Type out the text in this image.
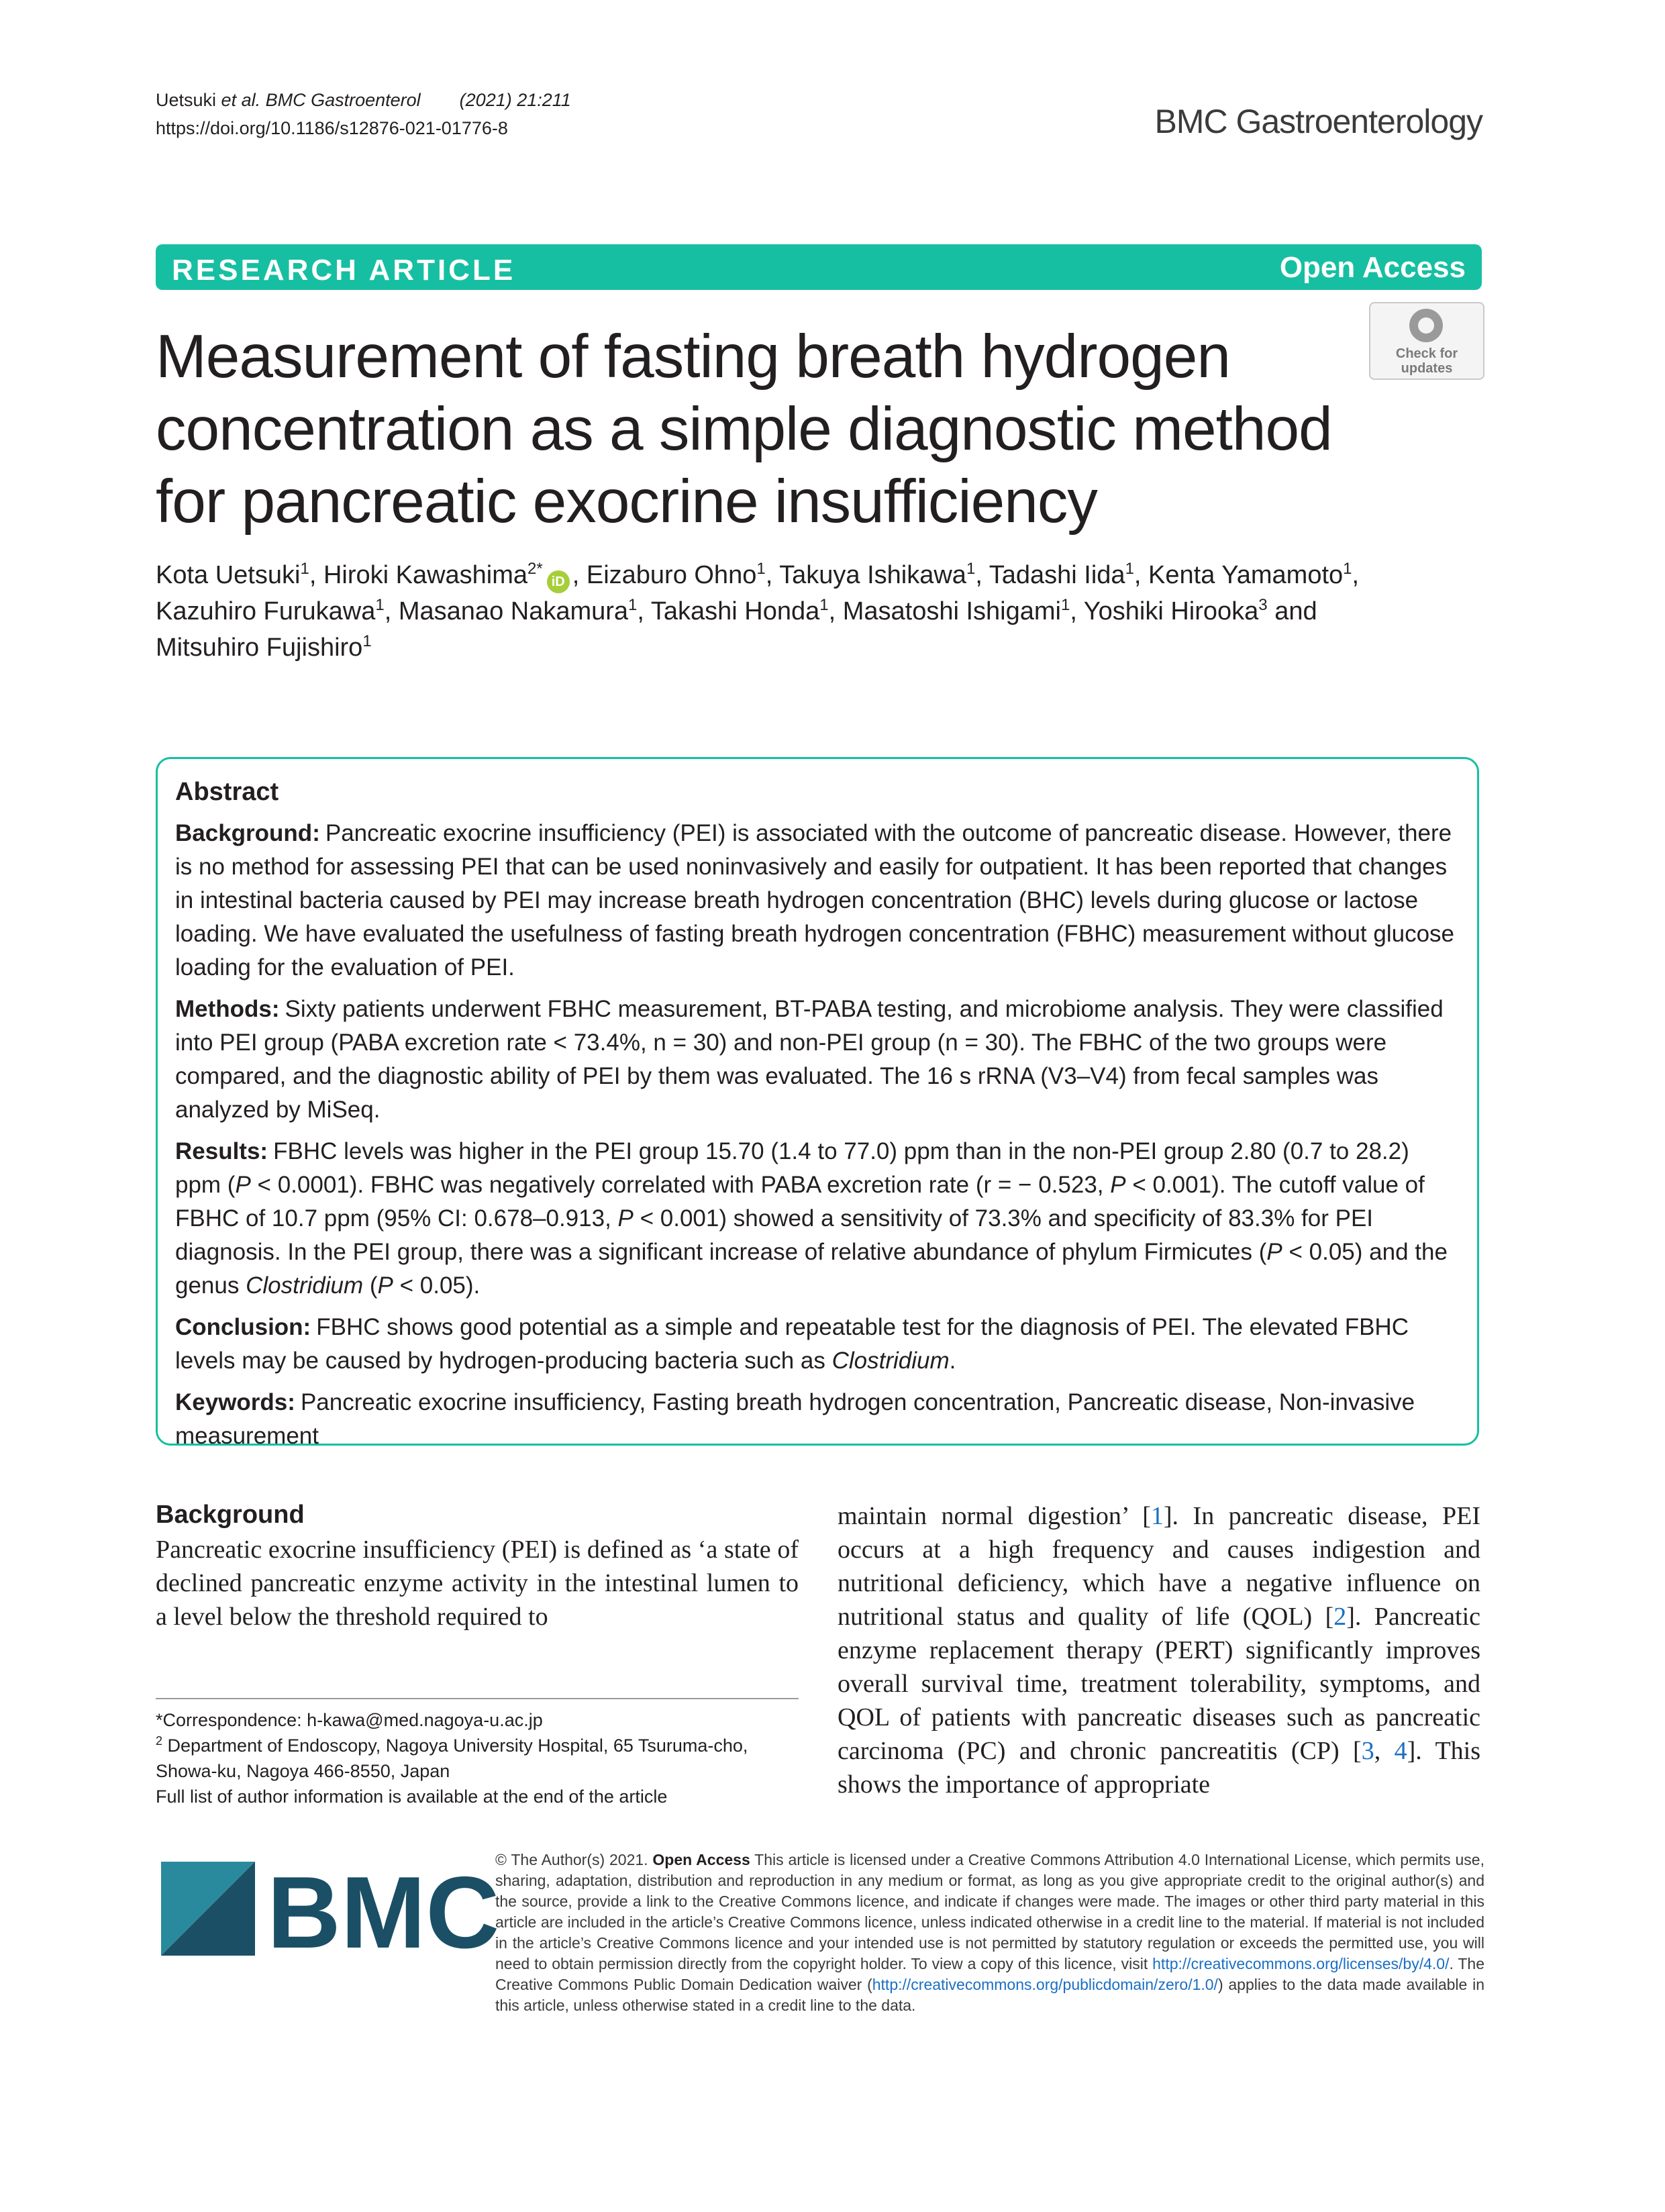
Uetsuki et al. BMC Gastroenterol (2021) 21:211
https://doi.org/10.1186/s12876-021-01776-8	BMC Gastroenterology
RESEARCH ARTICLE	Open Access
Measurement of fasting breath hydrogen concentration as a simple diagnostic method for pancreatic exocrine insufficiency
Check for
updates
Kota Uetsuki$^1$, Hiroki Kawashima$^{2*}$iD , Eizaburo Ohno$^1$, Takuya Ishikawa$^1$, Tadashi Iida$^1$, Kenta Yamamoto$^1$,
Kazuhiro Furukawa$^1$, Masanao Nakamura$^1$, Takashi Honda$^1$, Masatoshi Ishigami$^1$, Yoshiki Hirooka$^3$ and
Mitsuhiro Fujishiro$^1$

Abstract

Background: Pancreatic exocrine insufficiency (PEI) is associated with the outcome of pancreatic disease. However, there is no method for assessing PEI that can be used noninvasively and easily for outpatient. It has been reported that changes in intestinal bacteria caused by PEI may increase breath hydrogen concentration (BHC) levels during glucose or lactose loading. We have evaluated the usefulness of fasting breath hydrogen concentration (FBHC) measurement without glucose loading for the evaluation of PEI.

Methods: Sixty patients underwent FBHC measurement, BT-PABA testing, and microbiome analysis. They were classified into PEI group (PABA excretion rate < 73.4%, n = 30) and non-PEI group (n = 30). The FBHC of the two groups were compared, and the diagnostic ability of PEI by them was evaluated. The 16 s rRNA (V3–V4) from fecal samples was analyzed by MiSeq.

Results: FBHC levels was higher in the PEI group 15.70 (1.4 to 77.0) ppm than in the non-PEI group 2.80 (0.7 to 28.2) ppm (P < 0.0001). FBHC was negatively correlated with PABA excretion rate (r = − 0.523, P < 0.001). The cutoff value of FBHC of 10.7 ppm (95% CI: 0.678–0.913, P < 0.001) showed a sensitivity of 73.3% and specificity of 83.3% for PEI diagnosis. In the PEI group, there was a significant increase of relative abundance of phylum Firmicutes (P < 0.05) and the genus Clostridium (P < 0.05).

Conclusion: FBHC shows good potential as a simple and repeatable test for the diagnosis of PEI. The elevated FBHC levels may be caused by hydrogen-producing bacteria such as Clostridium.

Keywords: Pancreatic exocrine insufficiency, Fasting breath hydrogen concentration, Pancreatic disease, Non-invasive measurement

Background
Pancreatic exocrine insufficiency (PEI) is defined as ‘a state of declined pancreatic enzyme activity in the intestinal lumen to a level below the threshold required to
maintain normal digestion’ [1]. In pancreatic disease, PEI occurs at a high frequency and causes indigestion and nutritional deficiency, which have a negative influence on nutritional status and quality of life (QOL) [2]. Pancreatic enzyme replacement therapy (PERT) significantly improves overall survival time, treatment tolerability, symptoms, and QOL of patients with pancreatic diseases such as pancreatic carcinoma (PC) and chronic pancreatitis (CP) [3, 4]. This shows the importance of appropriate
*Correspondence: h-kawa@med.nagoya-u.ac.jp
$^2$ Department of Endoscopy, Nagoya University Hospital, 65 Tsuruma-cho, Showa-ku, Nagoya 466-8550, Japan
Full list of author information is available at the end of the article
BMC
© The Author(s) 2021. Open Access This article is licensed under a Creative Commons Attribution 4.0 International License, which permits use, sharing, adaptation, distribution and reproduction in any medium or format, as long as you give appropriate credit to the original author(s) and the source, provide a link to the Creative Commons licence, and indicate if changes were made. The images or other third party material in this article are included in the article’s Creative Commons licence, unless indicated otherwise in a credit line to the material. If material is not included in the article’s Creative Commons licence and your intended use is not permitted by statutory regulation or exceeds the permitted use, you will need to obtain permission directly from the copyright holder. To view a copy of this licence, visit http://creativecommons.org/licenses/by/4.0/. The Creative Commons Public Domain Dedication waiver (http://creativecommons.org/publicdomain/zero/1.0/) applies to the data made available in this article, unless otherwise stated in a credit line to the data.
